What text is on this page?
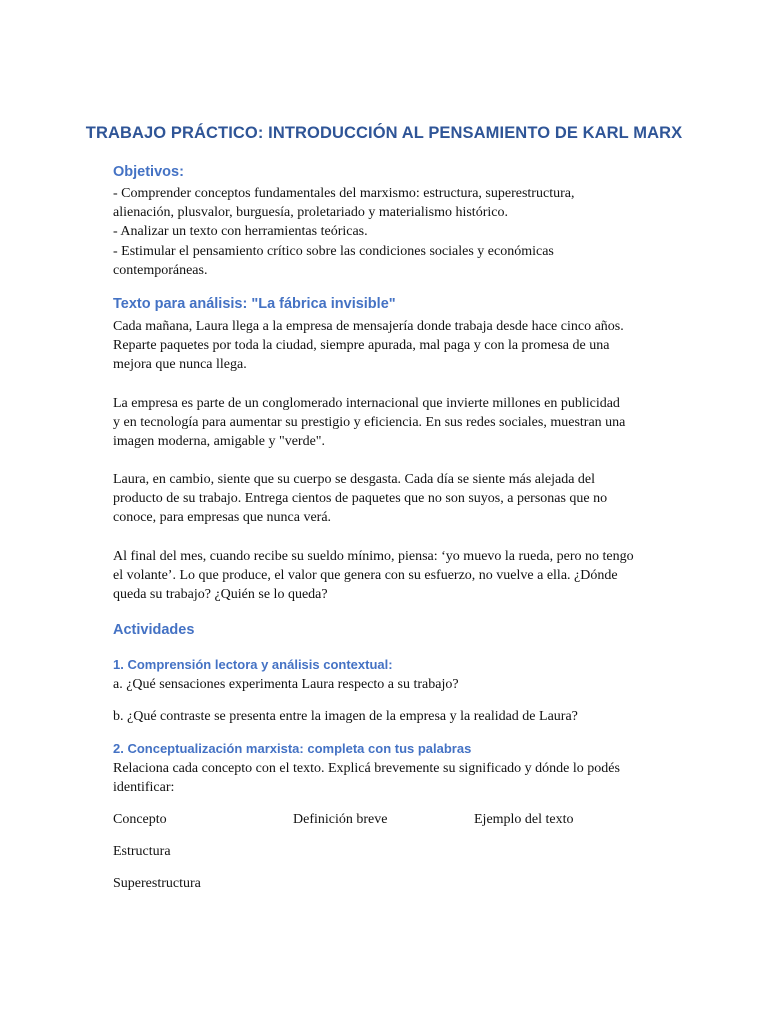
TRABAJO PRÁCTICO: INTRODUCCIÓN AL PENSAMIENTO DE KARL MARX
Objetivos:
- Comprender conceptos fundamentales del marxismo: estructura, superestructura,
alienación, plusvalor, burguesía, proletariado y materialismo histórico.
- Analizar un texto con herramientas teóricas.
- Estimular el pensamiento crítico sobre las condiciones sociales y económicas
contemporáneas.
Texto para análisis: "La fábrica invisible"
Cada mañana, Laura llega a la empresa de mensajería donde trabaja desde hace cinco años.
Reparte paquetes por toda la ciudad, siempre apurada, mal paga y con la promesa de una
mejora que nunca llega.
La empresa es parte de un conglomerado internacional que invierte millones en publicidad
y en tecnología para aumentar su prestigio y eficiencia. En sus redes sociales, muestran una
imagen moderna, amigable y "verde".
Laura, en cambio, siente que su cuerpo se desgasta. Cada día se siente más alejada del
producto de su trabajo. Entrega cientos de paquetes que no son suyos, a personas que no
conoce, para empresas que nunca verá.
Al final del mes, cuando recibe su sueldo mínimo, piensa: ‘yo muevo la rueda, pero no tengo
el volante’. Lo que produce, el valor que genera con su esfuerzo, no vuelve a ella. ¿Dónde
queda su trabajo? ¿Quién se lo queda?
Actividades
1. Comprensión lectora y análisis contextual:
a. ¿Qué sensaciones experimenta Laura respecto a su trabajo?
b. ¿Qué contraste se presenta entre la imagen de la empresa y la realidad de Laura?
2. Conceptualización marxista: completa con tus palabras
Relaciona cada concepto con el texto. Explicá brevemente su significado y dónde lo podés
identificar:
Concepto	Definición breve	Ejemplo del texto
Estructura
Superestructura
